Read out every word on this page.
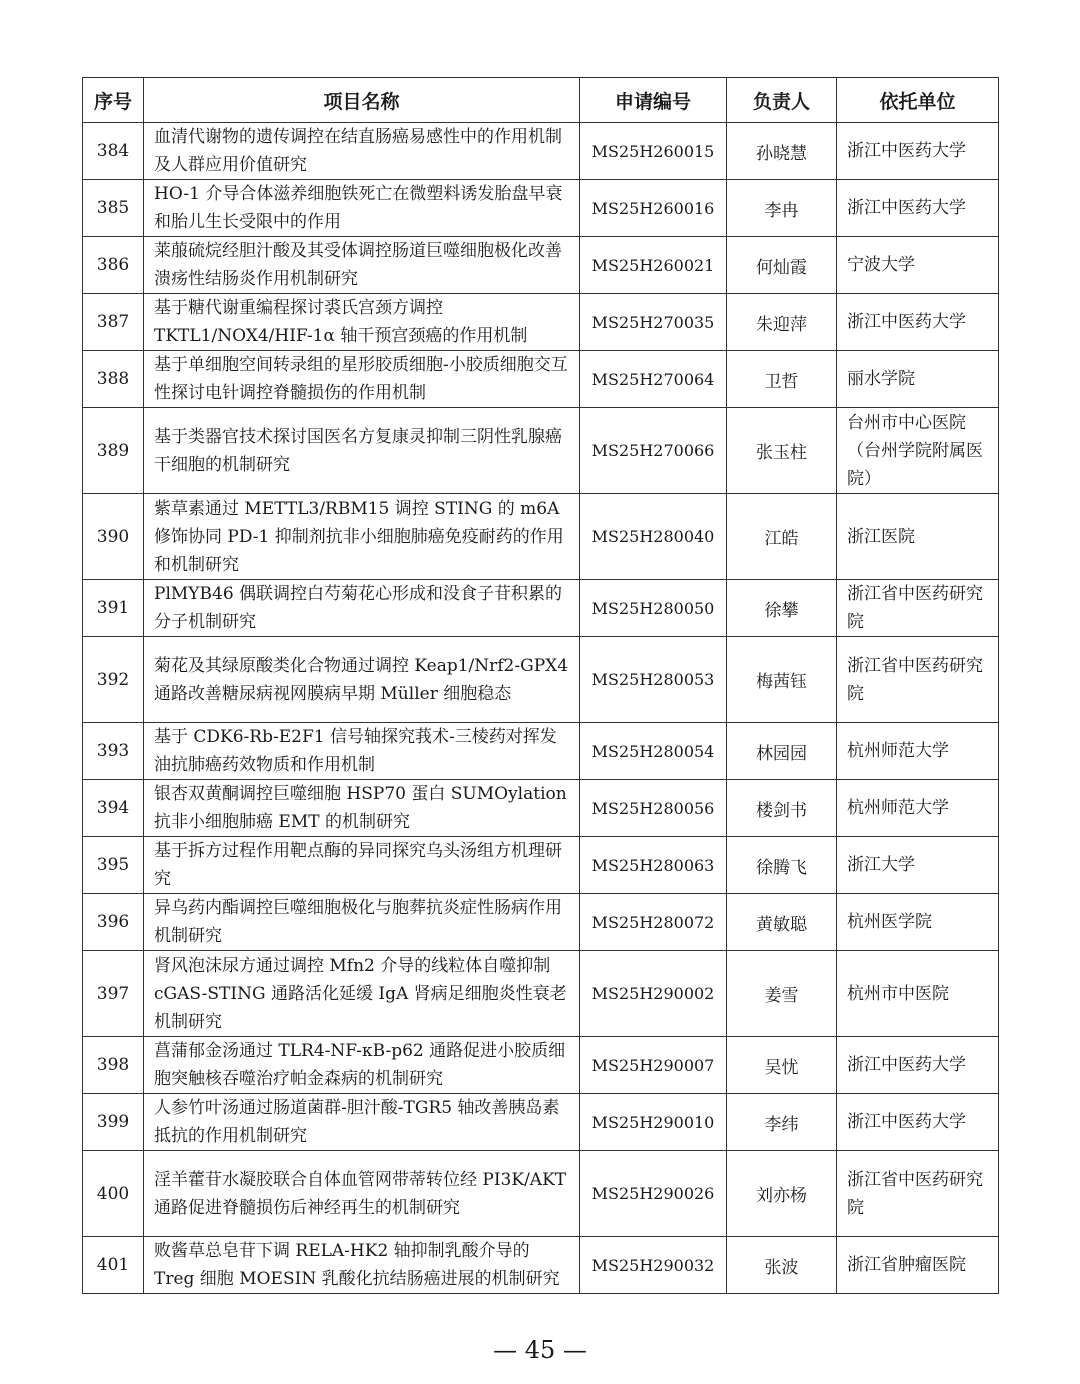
序号	项目名称	申请编号	负责人	依托单位
384	血清代谢物的遗传调控在结直肠癌易感性中的作用机制及人群应用价值研究	MS25H260015	孙晓慧	浙江中医药大学
385	HO-1 介导合体滋养细胞铁死亡在微塑料诱发胎盘早衰和胎儿生长受限中的作用	MS25H260016	李冉	浙江中医药大学
386	莱菔硫烷经胆汁酸及其受体调控肠道巨噬细胞极化改善溃疡性结肠炎作用机制研究	MS25H260021	何灿霞	宁波大学
387	基于糖代谢重编程探讨裘氏宫颈方调控TKTL1/NOX4/HIF-1α 轴干预宫颈癌的作用机制	MS25H270035	朱迎萍	浙江中医药大学
388	基于单细胞空间转录组的星形胶质细胞-小胶质细胞交互性探讨电针调控脊髓损伤的作用机制	MS25H270064	卫哲	丽水学院
389	基于类器官技术探讨国医名方复康灵抑制三阴性乳腺癌干细胞的机制研究	MS25H270066	张玉柱	台州市中心医院（台州学院附属医院）
390	紫草素通过 METTL3/RBM15 调控 STING 的 m6A 修饰协同 PD-1 抑制剂抗非小细胞肺癌免疫耐药的作用和机制研究	MS25H280040	江皓	浙江医院
391	PlMYB46 偶联调控白芍菊花心形成和没食子苷积累的分子机制研究	MS25H280050	徐攀	浙江省中医药研究院
392	菊花及其绿原酸类化合物通过调控 Keap1/Nrf2-GPX4 通路改善糖尿病视网膜病早期 Müller 细胞稳态	MS25H280053	梅茜钰	浙江省中医药研究院
393	基于 CDK6-Rb-E2F1 信号轴探究莪术-三棱药对挥发油抗肺癌药效物质和作用机制	MS25H280054	林园园	杭州师范大学
394	银杏双黄酮调控巨噬细胞 HSP70 蛋白 SUMOylation 抗非小细胞肺癌 EMT 的机制研究	MS25H280056	楼剑书	杭州师范大学
395	基于拆方过程作用靶点酶的异同探究乌头汤组方机理研究	MS25H280063	徐腾飞	浙江大学
396	异乌药内酯调控巨噬细胞极化与胞葬抗炎症性肠病作用机制研究	MS25H280072	黄敏聪	杭州医学院
397	肾风泡沫尿方通过调控 Mfn2 介导的线粒体自噬抑制 cGAS-STING 通路活化延缓 IgA 肾病足细胞炎性衰老机制研究	MS25H290002	姜雪	杭州市中医院
398	菖蒲郁金汤通过 TLR4-NF-κB-p62 通路促进小胶质细胞突触核吞噬治疗帕金森病的机制研究	MS25H290007	吴忧	浙江中医药大学
399	人参竹叶汤通过肠道菌群-胆汁酸-TGR5 轴改善胰岛素抵抗的作用机制研究	MS25H290010	李纬	浙江中医药大学
400	淫羊藿苷水凝胶联合自体血管网带蒂转位经 PI3K/AKT 通路促进脊髓损伤后神经再生的机制研究	MS25H290026	刘亦杨	浙江省中医药研究院
401	败酱草总皂苷下调 RELA-HK2 轴抑制乳酸介导的 Treg 细胞 MOESIN 乳酸化抗结肠癌进展的机制研究	MS25H290032	张波	浙江省肿瘤医院
— 45 —
